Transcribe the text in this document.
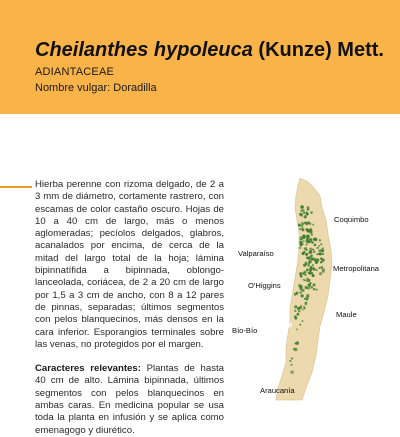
Cheilanthes hypoleuca (Kunze) Mett.
ADIANTACEAE
Nombre vulgar: Doradilla

Hierba perenne con rizoma delgado, de 2 a 3 mm de diámetro, cortamente rastrero, con escamas de color castaño oscuro. Hojas de 10 a 40 cm de largo, más o menos aglomeradas; pecíolos delgados, glabros, acanalados por encima, de cerca de la mitad del largo total de la hoja; lámina bipinnatífida a bipinnada, oblongo-lanceolada, coriácea, de 2 a 20 cm de largo por 1,5 a 3 cm de ancho, con 8 a 12 pares de pinnas, separadas; últimos segmentos con pelos blanquecinos, más densos en la cara inferior. Esporangios terminales sobre las venas, no protegidos por el margen.

Caracteres relevantes: Plantas de hasta 40 cm de alto. Lámina bipinnada, últimos segmentos con pelos blanquecinos en ambas caras. En medicina popular se usa toda la planta en infusión y se aplica como emenagogo y diurético.

Coquimbo
Valparaíso
Metropolitana
O'Higgins
Maule
Bío-Bío
Araucanía
